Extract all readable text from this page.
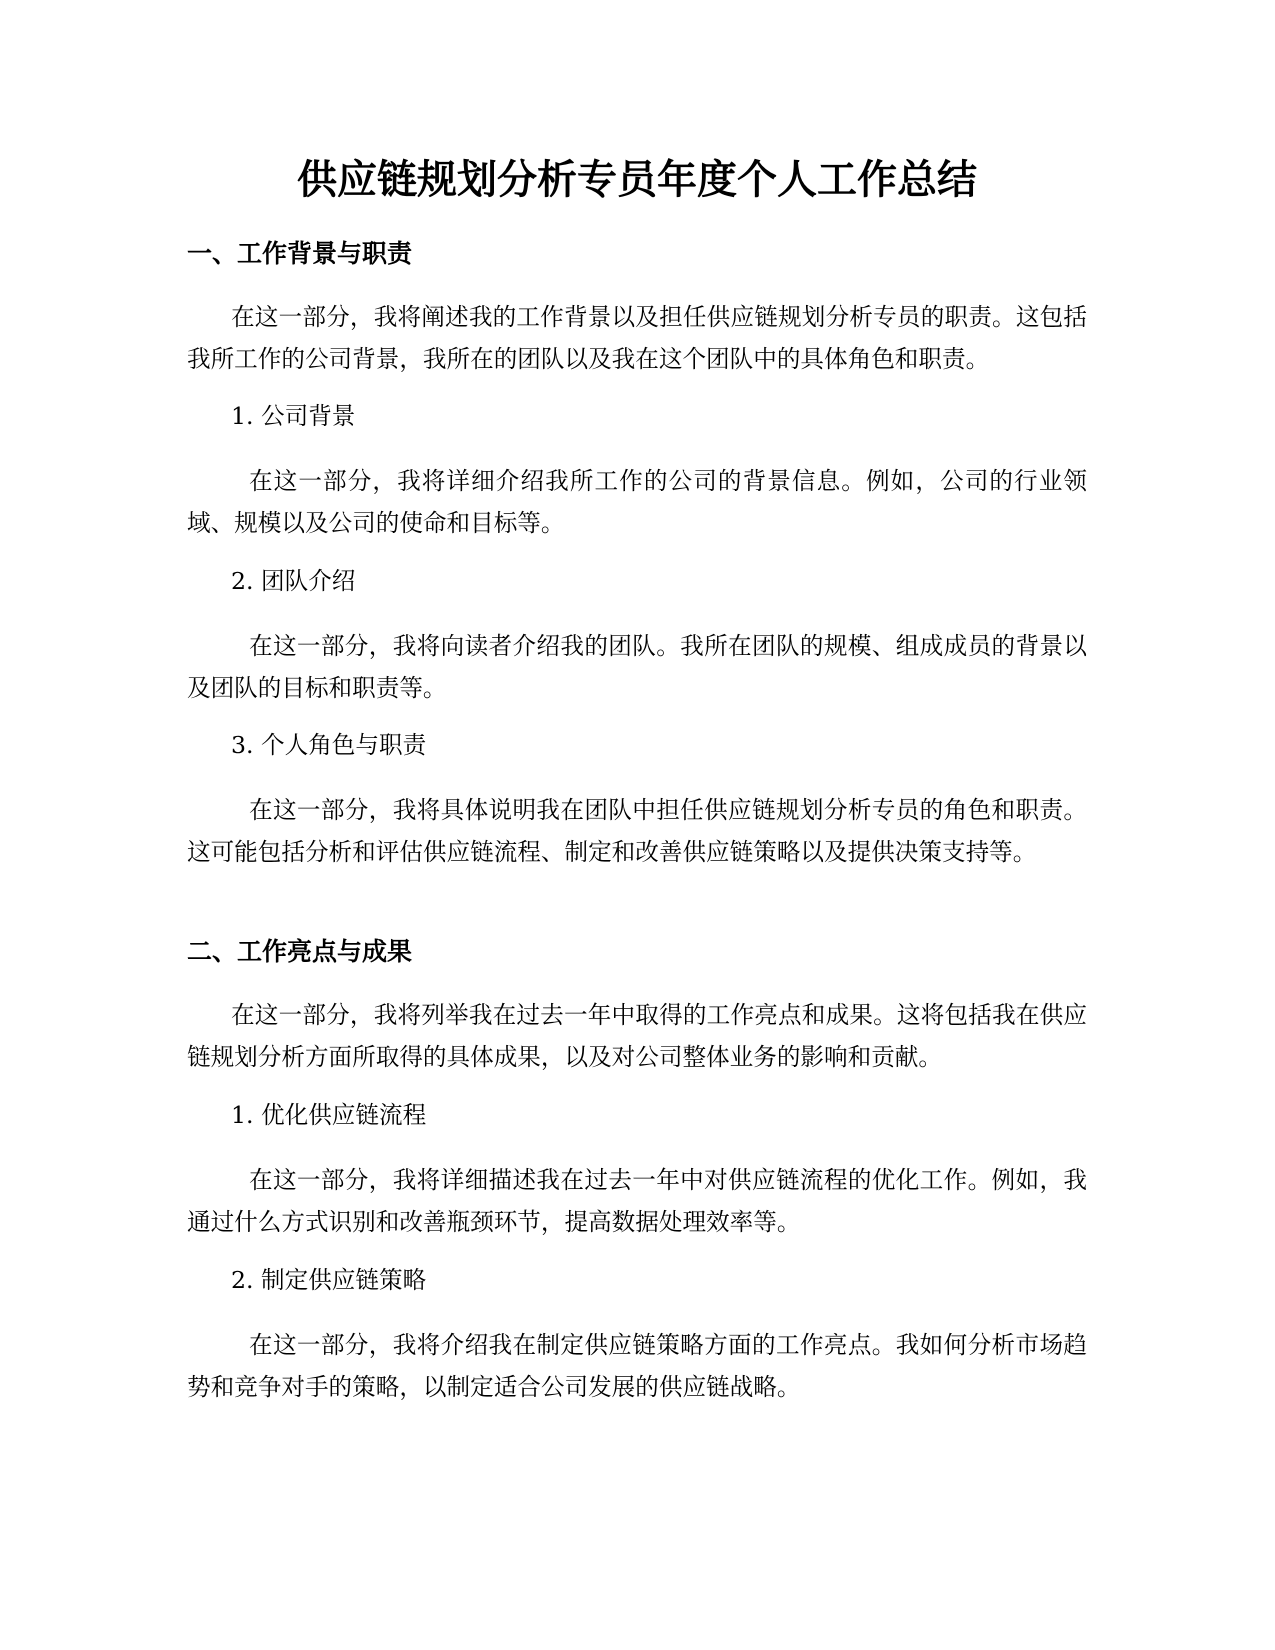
供应链规划分析专员年度个人工作总结
一、工作背景与职责

在这一部分，我将阐述我的工作背景以及担任供应链规划分析专员的职责。这包括我所工作的公司背景，我所在的团队以及我在这个团队中的具体角色和职责。

1. 公司背景

在这一部分，我将详细介绍我所工作的公司的背景信息。例如，公司的行业领域、规模以及公司的使命和目标等。

2. 团队介绍

在这一部分，我将向读者介绍我的团队。我所在团队的规模、组成成员的背景以及团队的目标和职责等。

3. 个人角色与职责

在这一部分，我将具体说明我在团队中担任供应链规划分析专员的角色和职责。这可能包括分析和评估供应链流程、制定和改善供应链策略以及提供决策支持等。

二、工作亮点与成果

在这一部分，我将列举我在过去一年中取得的工作亮点和成果。这将包括我在供应链规划分析方面所取得的具体成果，以及对公司整体业务的影响和贡献。

1. 优化供应链流程

在这一部分，我将详细描述我在过去一年中对供应链流程的优化工作。例如，我通过什么方式识别和改善瓶颈环节，提高数据处理效率等。

2. 制定供应链策略

在这一部分，我将介绍我在制定供应链策略方面的工作亮点。我如何分析市场趋势和竞争对手的策略，以制定适合公司发展的供应链战略。
